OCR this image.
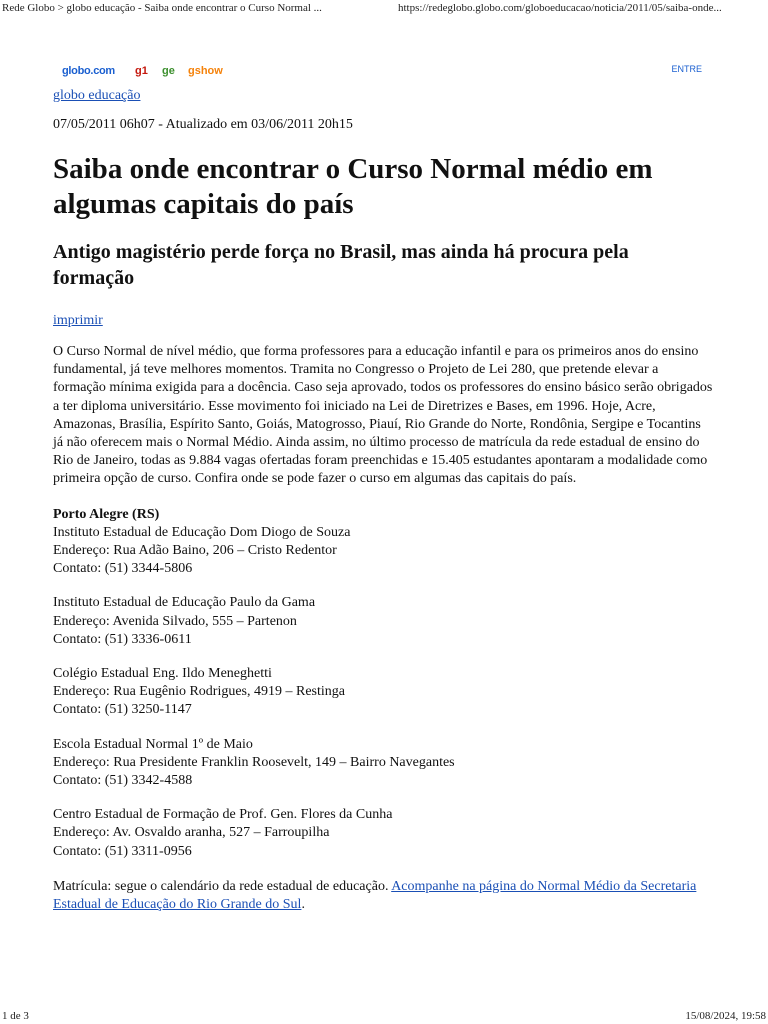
Rede Globo > globo educação - Saiba onde encontrar o Curso Normal ...	https://redeglobo.globo.com/globoeducacao/noticia/2011/05/saiba-onde...
globo.com g1 ge gshow	ENTRE
globo educação
07/05/2011 06h07 - Atualizado em 03/06/2011 20h15
Saiba onde encontrar o Curso Normal médio em algumas capitais do país
Antigo magistério perde força no Brasil, mas ainda há procura pela formação
imprimir
O Curso Normal de nível médio, que forma professores para a educação infantil e para os primeiros anos do ensino fundamental, já teve melhores momentos. Tramita no Congresso o Projeto de Lei 280, que pretende elevar a formação mínima exigida para a docência. Caso seja aprovado, todos os professores do ensino básico serão obrigados a ter diploma universitário. Esse movimento foi iniciado na Lei de Diretrizes e Bases, em 1996. Hoje, Acre, Amazonas, Brasília, Espírito Santo, Goiás, Matogrosso, Piauí, Rio Grande do Norte, Rondônia, Sergipe e Tocantins já não oferecem mais o Normal Médio. Ainda assim, no último processo de matrícula da rede estadual de ensino do Rio de Janeiro, todas as 9.884 vagas ofertadas foram preenchidas e 15.405 estudantes apontaram a modalidade como primeira opção de curso. Confira onde se pode fazer o curso em algumas das capitais do país.
Porto Alegre (RS)
Instituto Estadual de Educação Dom Diogo de Souza
Endereço: Rua Adão Baino, 206 – Cristo Redentor
Contato: (51) 3344-5806
Instituto Estadual de Educação Paulo da Gama
Endereço: Avenida Silvado, 555 – Partenon
Contato: (51) 3336-0611
Colégio Estadual Eng. Ildo Meneghetti
Endereço: Rua Eugênio Rodrigues, 4919 – Restinga
Contato: (51) 3250-1147
Escola Estadual Normal 1º de Maio
Endereço: Rua Presidente Franklin Roosevelt, 149 – Bairro Navegantes
Contato: (51) 3342-4588
Centro Estadual de Formação de Prof. Gen. Flores da Cunha
Endereço: Av. Osvaldo aranha, 527 – Farroupilha
Contato: (51) 3311-0956
Matrícula: segue o calendário da rede estadual de educação. Acompanhe na página do Normal Médio da Secretaria Estadual de Educação do Rio Grande do Sul.
1 de 3	15/08/2024, 19:58
